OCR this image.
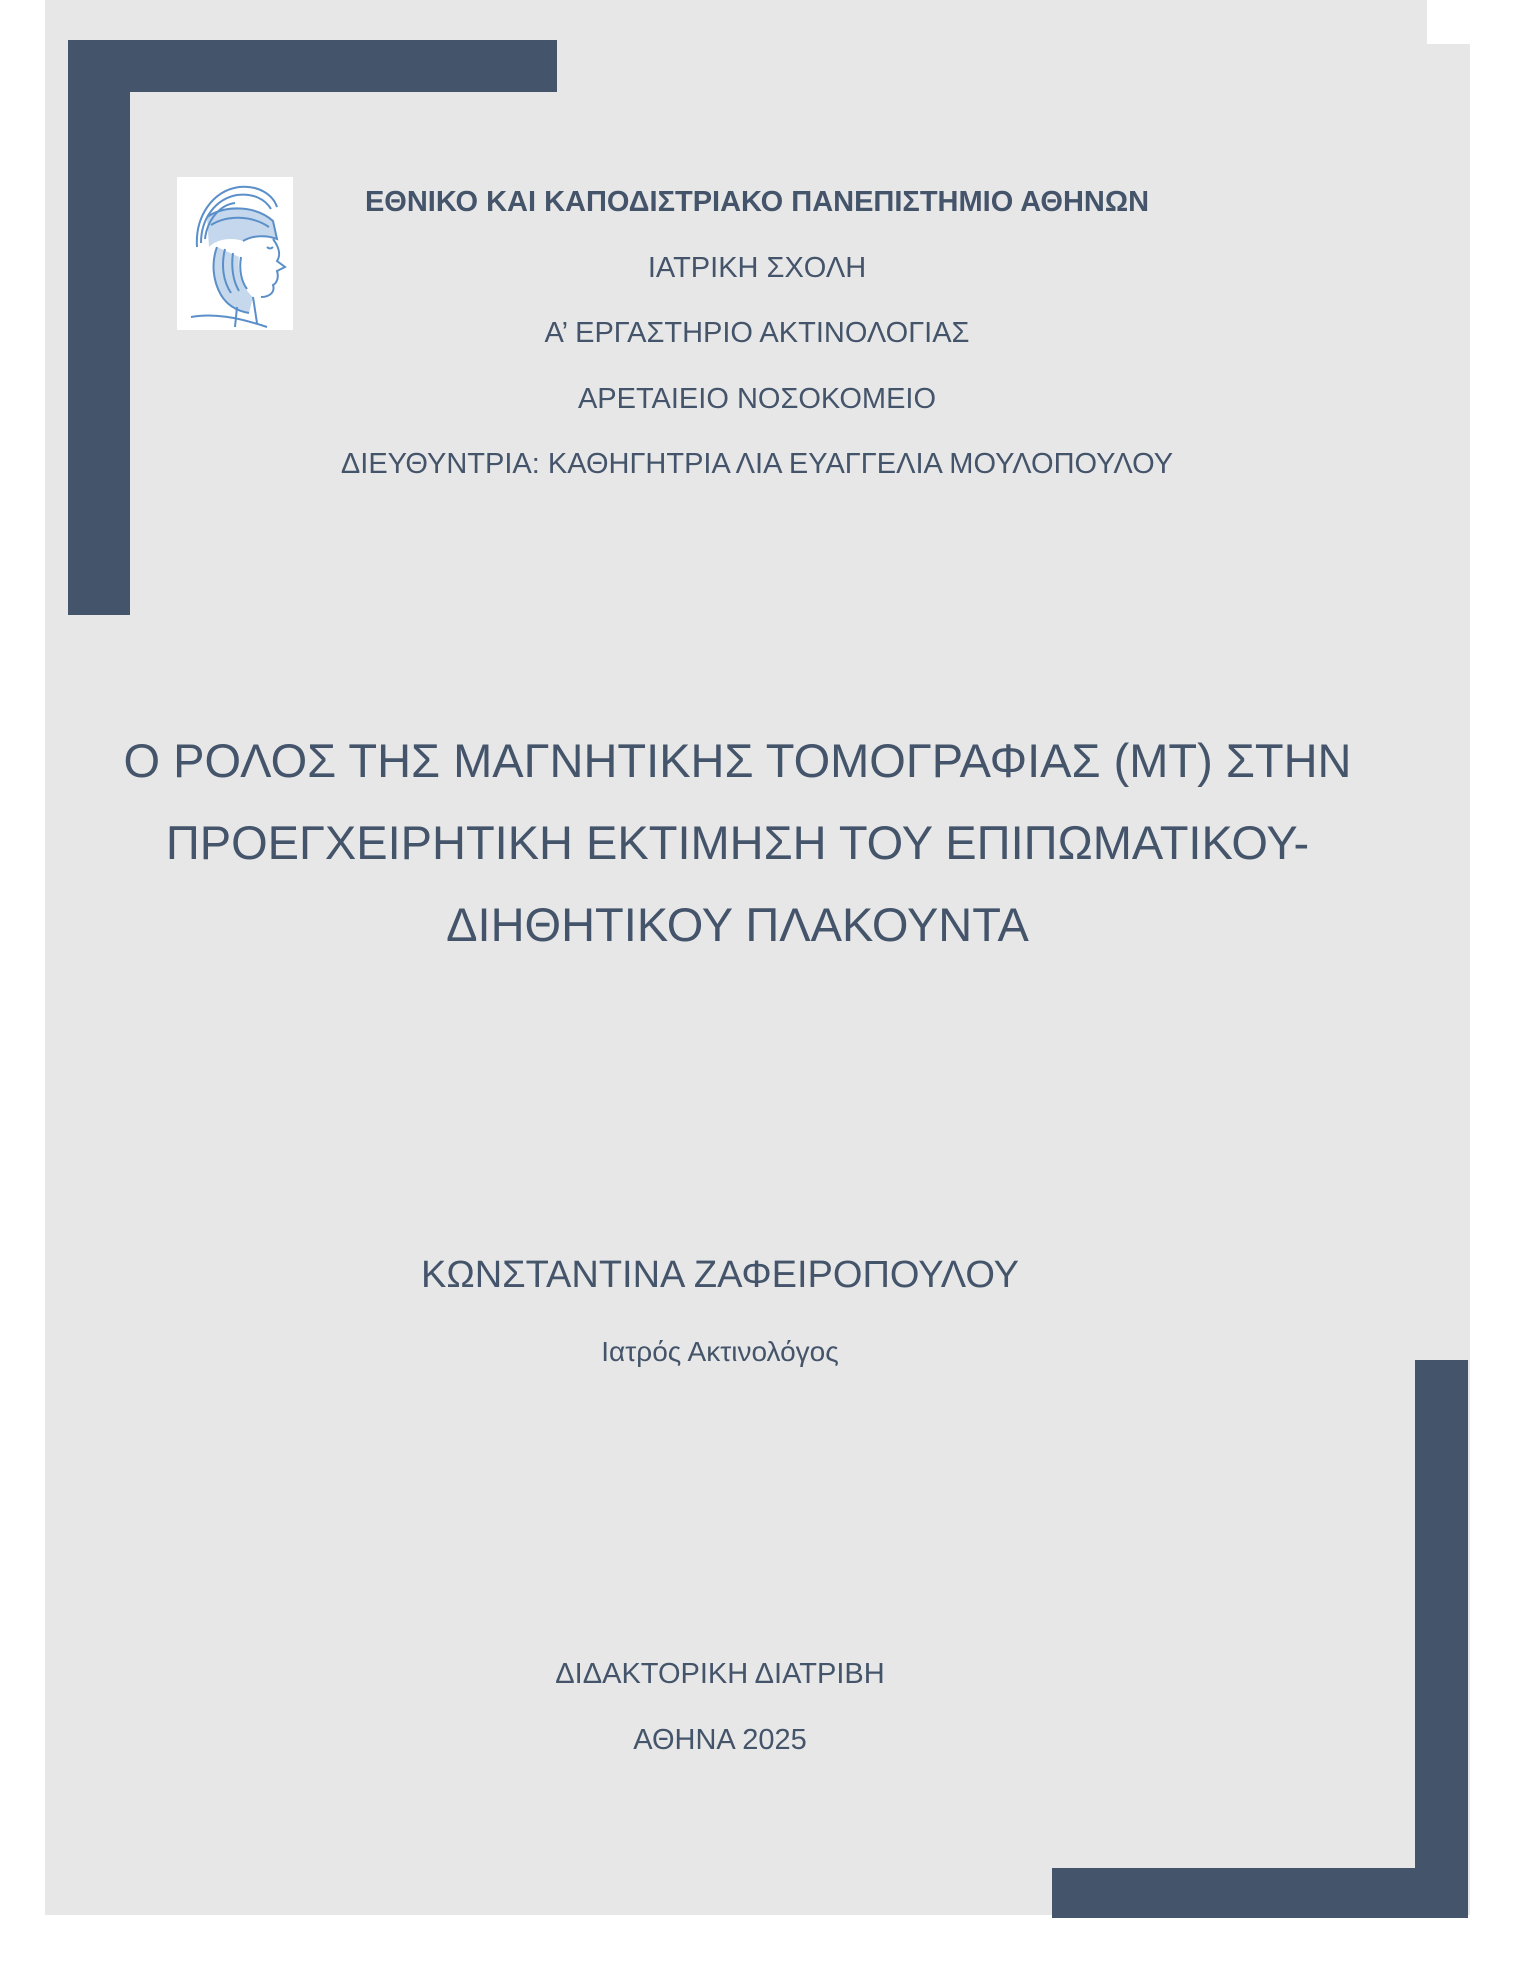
ΕΘΝΙΚΟ ΚΑΙ ΚΑΠΟΔΙΣΤΡΙΑΚΟ ΠΑΝΕΠΙΣΤΗΜΙΟ ΑΘΗΝΩΝ

ΙΑΤΡΙΚΗ ΣΧΟΛΗ

Α’ ΕΡΓΑΣΤΗΡΙΟ ΑΚΤΙΝΟΛΟΓΙΑΣ

ΑΡΕΤΑΙΕΙΟ ΝΟΣΟΚΟΜΕΙΟ

ΔΙΕΥΘΥΝΤΡΙΑ: ΚΑΘΗΓΗΤΡΙΑ ΛΙΑ ΕΥΑΓΓΕΛΙΑ ΜΟΥΛΟΠΟΥΛΟΥ

Ο ΡΟΛΟΣ ΤΗΣ ΜΑΓΝΗΤΙΚΗΣ ΤΟΜΟΓΡΑΦΙΑΣ (ΜΤ) ΣΤΗΝ
ΠΡΟΕΓΧΕΙΡΗΤΙΚΗ ΕΚΤΙΜΗΣΗ ΤΟΥ ΕΠΙΠΩΜΑΤΙΚΟΥ-
ΔΙΗΘΗΤΙΚΟΥ ΠΛΑΚΟΥΝΤΑ

ΚΩΝΣΤΑΝΤΙΝΑ ΖΑΦΕΙΡΟΠΟΥΛΟΥ

Ιατρός Ακτινολόγος

ΔΙΔΑΚΤΟΡΙΚΗ ΔΙΑΤΡΙΒΗ

ΑΘΗΝΑ 2025
